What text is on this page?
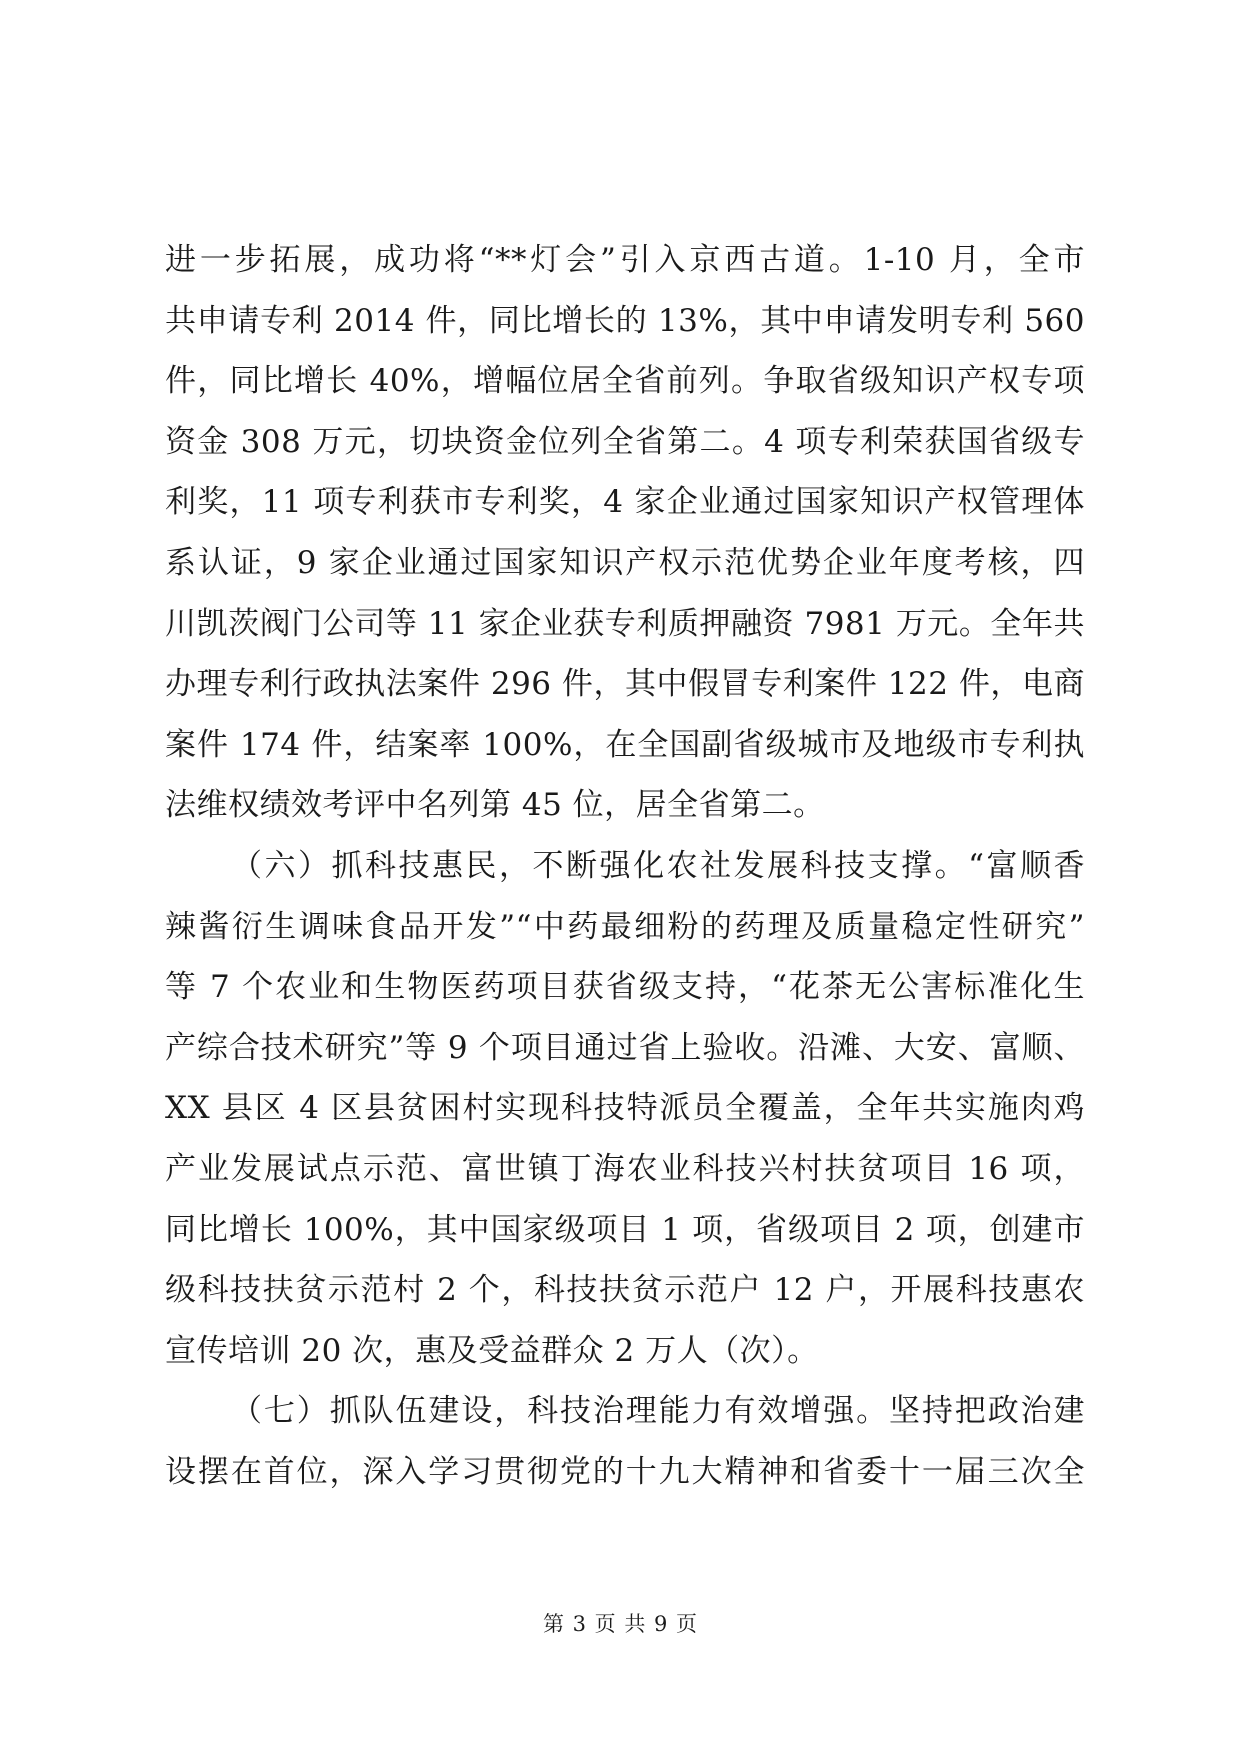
进一步拓展，成功将“**灯会”引入京西古道。1-10 月，全市
共申请专利 2014 件，同比增长的 13%，其中申请发明专利 560
件，同比增长 40%，增幅位居全省前列。争取省级知识产权专项
资金 308 万元，切块资金位列全省第二。4 项专利荣获国省级专
利奖，11 项专利获市专利奖，4 家企业通过国家知识产权管理体
系认证，9 家企业通过国家知识产权示范优势企业年度考核，四
川凯茨阀门公司等 11 家企业获专利质押融资 7981 万元。全年共
办理专利行政执法案件 296 件，其中假冒专利案件 122 件，电商
案件 174 件，结案率 100%，在全国副省级城市及地级市专利执
法维权绩效考评中名列第 45 位，居全省第二。
（六）抓科技惠民，不断强化农社发展科技支撑。“富顺香
辣酱衍生调味食品开发”“中药最细粉的药理及质量稳定性研究”
等 7 个农业和生物医药项目获省级支持，“花茶无公害标准化生
产综合技术研究”等 9 个项目通过省上验收。沿滩、大安、富顺、
XX 县区 4 区县贫困村实现科技特派员全覆盖，全年共实施肉鸡
产业发展试点示范、富世镇丁海农业科技兴村扶贫项目 16 项，
同比增长 100%，其中国家级项目 1 项，省级项目 2 项，创建市
级科技扶贫示范村 2 个，科技扶贫示范户 12 户，开展科技惠农
宣传培训 20 次，惠及受益群众 2 万人（次）。
（七）抓队伍建设，科技治理能力有效增强。坚持把政治建
设摆在首位，深入学习贯彻党的十九大精神和省委十一届三次全
第 3 页 共 9 页
